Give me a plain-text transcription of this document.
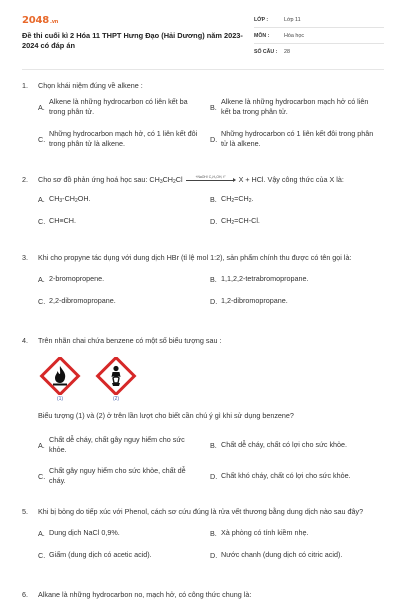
2048.vn
Đề thi cuối kì 2 Hóa 11 THPT Hưng Đạo (Hải Dương) năm 2023-2024 có đáp án
LỚP :	Lớp 11
MÔN :	Hóa học
SỐ CÂU :	28
1.	Chọn khái niệm đúng về alkene :
A.
Alkene là những hydrocarbon có liên kết ba trong phân tử.	B.
Alkene là những hydrocarbon mạch hở có liên kết ba trong phân tử.
C.
Những hydrocarbon mạch hở, có 1 liên kết đôi trong phân tử là alkene.	D.
Những hydrocarbon có 1 liên kết đôi trong phân tử là alkene.
2.	Cho sơ đồ phản ứng hoá học sau: $CH_3CH_2Cl$	+NaOH/ C₂H₅OH, t°	X + HCl. Vậy công thức của X là:
A. $CH_3-CH_2OH$.	B. $CH_2=CH_2$.
C. CH≡CH.	D. $CH_2=CH-Cl$.
3.	Khi cho propyne tác dụng với dung dịch HBr (tỉ lệ mol 1:2), sản phẩm chính thu được có tên gọi là:
A. 2-bromopropene.	B. 1,1,2,2-tetrabromopropane.
C. 2,2-dibromopropane.	D. 1,2-dibromopropane.
4.	Trên nhãn chai chứa benzene có một số biểu tượng sau :
(1)	(2)
Biểu tượng (1) và (2) ở trên lần lượt cho biết cần chú ý gì khi sử dụng benzene?
A.
Chất dễ cháy, chất gây nguy hiểm cho sức khỏe.	B. Chất dễ cháy, chất có lợi cho sức khỏe.
C.
Chất gây nguy hiểm cho sức khỏe, chất dễ cháy.	D. Chất khó cháy, chất có lợi cho sức khỏe.
5.	Khi bị bỏng do tiếp xúc với Phenol, cách sơ cứu đúng là rửa vết thương bằng dung dịch nào sau đây?
A. Dung dịch NaCl 0,9%.	B. Xà phòng có tính kiềm nhẹ.
C. Giấm (dung dịch có acetic acid).	D. Nước chanh (dung dịch có citric acid).
6.	Alkane là những hydrocarbon no, mạch hở, có công thức chung là:
